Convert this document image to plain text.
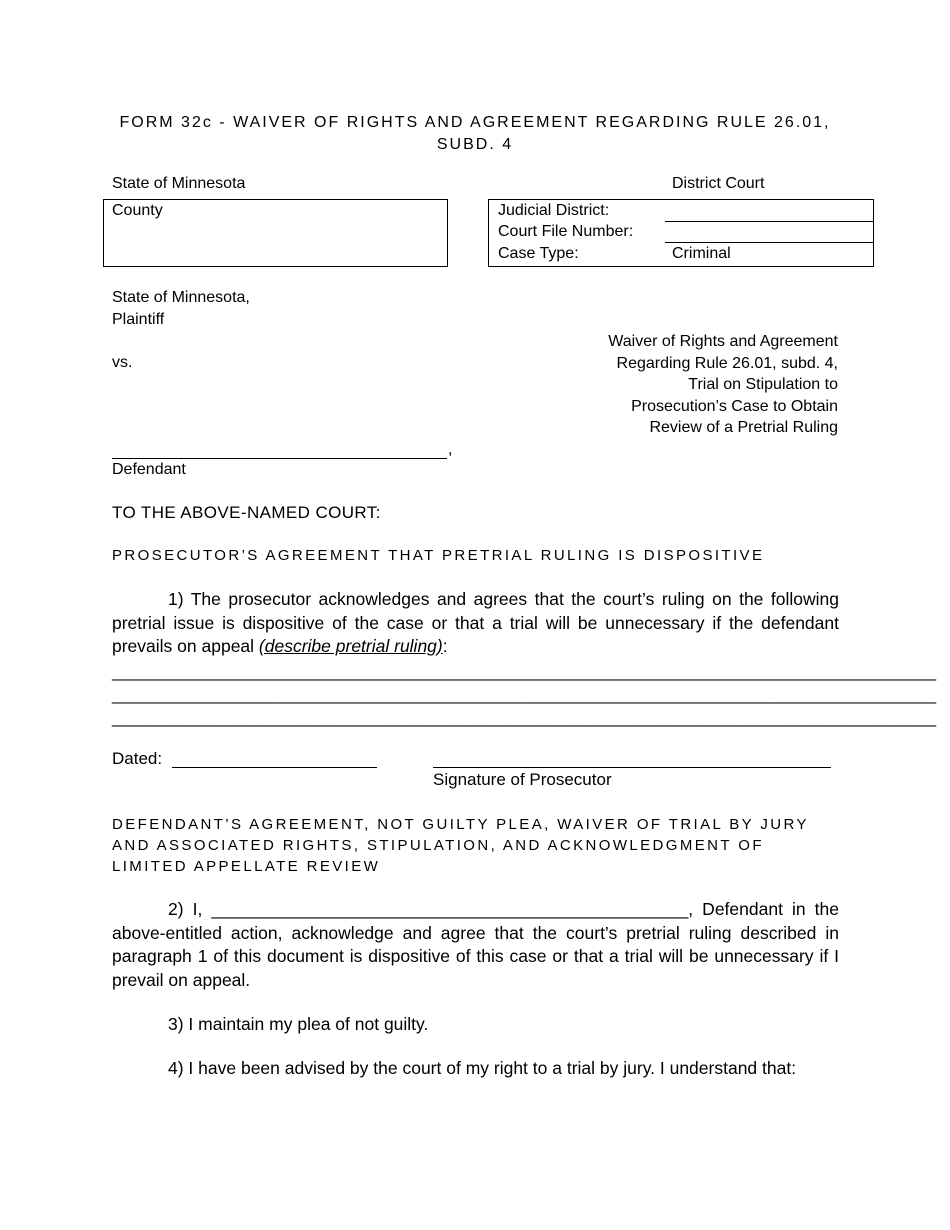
FORM 32c - WAIVER OF RIGHTS AND AGREEMENT REGARDING RULE 26.01, SUBD. 4
State of Minnesota	District Court
County	Judicial District:
Court File Number:
Case Type:	Criminal
State of Minnesota,
Plaintiff
vs.
,
Defendant
Waiver of Rights and Agreement
Regarding Rule 26.01, subd. 4,
Trial on Stipulation to
Prosecution’s Case to Obtain
Review of a Pretrial Ruling
TO THE ABOVE-NAMED COURT:
PROSECUTOR’S AGREEMENT THAT PRETRIAL RULING IS DISPOSITIVE
1) The prosecutor acknowledges and agrees that the court’s ruling on the following pretrial issue is dispositive of the case or that a trial will be unnecessary if the defendant prevails on appeal (describe pretrial ruling):
_____________________________________________________________________________________________
_____________________________________________________________________________________________
_____________________________________________________________________________________________
Dated:
Signature of Prosecutor
DEFENDANT’S AGREEMENT, NOT GUILTY PLEA, WAIVER OF TRIAL BY JURY
AND ASSOCIATED RIGHTS, STIPULATION, AND ACKNOWLEDGMENT OF
LIMITED APPELLATE REVIEW
2) I, _________________________________________________, Defendant in the above-entitled action, acknowledge and agree that the court’s pretrial ruling described in paragraph 1 of this document is dispositive of this case or that a trial will be unnecessary if I prevail on appeal.
3) I maintain my plea of not guilty.
4) I have been advised by the court of my right to a trial by jury. I understand that:
